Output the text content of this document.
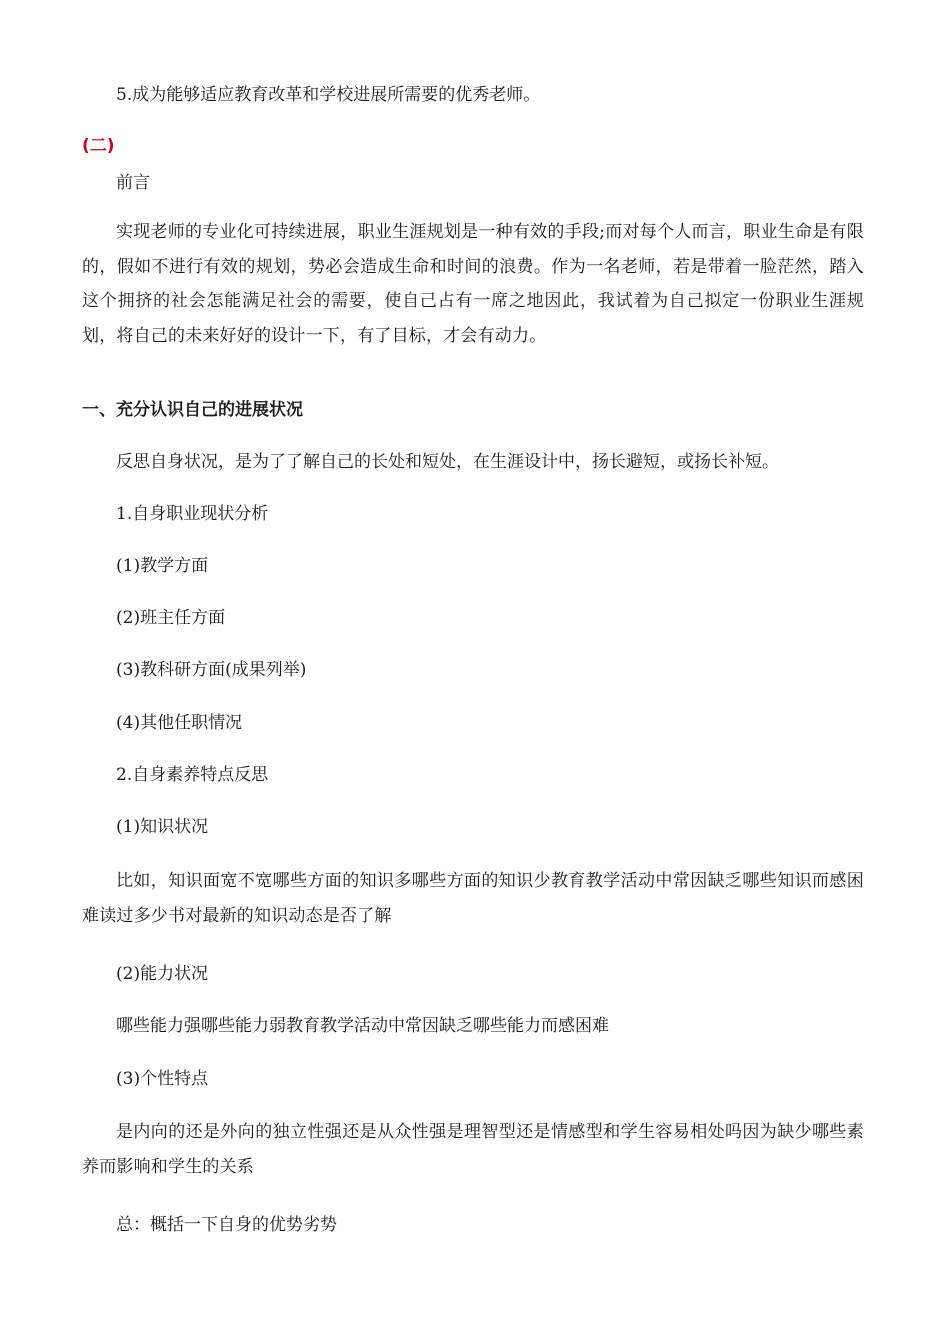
5.成为能够适应教育改革和学校进展所需要的优秀老师。
(二)
前言
实现老师的专业化可持续进展，职业生涯规划是一种有效的手段;而对每个人而言，职业生命是有限的，假如不进行有效的规划，势必会造成生命和时间的浪费。作为一名老师，若是带着一脸茫然，踏入这个拥挤的社会怎能满足社会的需要，使自己占有一席之地因此，我试着为自己拟定一份职业生涯规划，将自己的未来好好的设计一下，有了目标，才会有动力。
一、充分认识自己的进展状况
反思自身状况，是为了了解自己的长处和短处，在生涯设计中，扬长避短，或扬长补短。
1.自身职业现状分析
(1)教学方面
(2)班主任方面
(3)教科研方面(成果列举)
(4)其他任职情况
2.自身素养特点反思
(1)知识状况
比如，知识面宽不宽哪些方面的知识多哪些方面的知识少教育教学活动中常因缺乏哪些知识而感困难读过多少书对最新的知识动态是否了解
(2)能力状况
哪些能力强哪些能力弱教育教学活动中常因缺乏哪些能力而感困难
(3)个性特点
是内向的还是外向的独立性强还是从众性强是理智型还是情感型和学生容易相处吗因为缺少哪些素养而影响和学生的关系
总：概括一下自身的优势劣势
